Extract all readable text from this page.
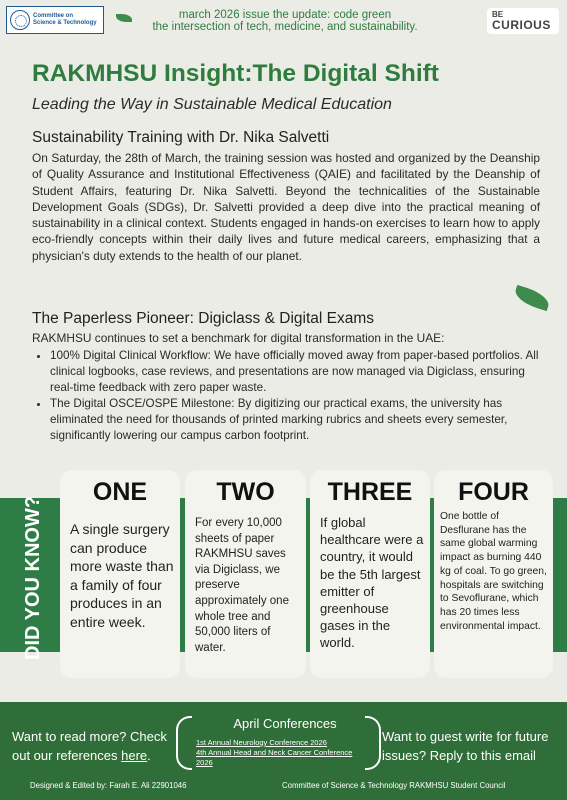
Committee on
Science & Technology
march 2026 issue the update: code green
the intersection of tech, medicine, and sustainability.
BE
CURIOUS
RAKMHSU Insight:The Digital Shift
Leading the Way in Sustainable Medical Education
Sustainability Training with Dr. Nika Salvetti
On Saturday, the 28th of March, the training session was hosted and organized by the Deanship of Quality Assurance and Institutional Effectiveness (QAIE) and facilitated by the Deanship of Student Affairs, featuring Dr. Nika Salvetti. Beyond the technicalities of the Sustainable Development Goals (SDGs), Dr. Salvetti provided a deep dive into the practical meaning of sustainability in a clinical context. Students engaged in hands-on exercises to learn how to apply eco-friendly concepts within their daily lives and future medical careers, emphasizing that a physician's duty extends to the health of our planet.
The Paperless Pioneer: Digiclass & Digital Exams
RAKMHSU continues to set a benchmark for digital transformation in the UAE:
• 100% Digital Clinical Workflow: We have officially moved away from paper-based portfolios. All clinical logbooks, case reviews, and presentations are now managed via Digiclass, ensuring real-time feedback with zero paper waste.
• The Digital OSCE/OSPE Milestone: By digitizing our practical exams, the university has eliminated the need for thousands of printed marking rubrics and sheets every semester, significantly lowering our campus carbon footprint.
DID YOU KNOW?
ONE
A single surgery can produce more waste than a family of four produces in an entire week.
TWO
For every 10,000 sheets of paper RAKMHSU saves via Digiclass, we preserve approximately one whole tree and 50,000 liters of water.
THREE
If global healthcare were a country, it would be the 5th largest emitter of greenhouse gases in the world.
FOUR
One bottle of Desflurane has the same global warming impact as burning 440 kg of coal. To go green, hospitals are switching to Sevoflurane, which has 20 times less environmental impact.
Want to read more? Check out our references here.
April Conferences
1st Annual Neurology Conference 2026
4th Annual Head and Neck Cancer Conference 2026
Want to guest write for future issues? Reply to this email
Designed & Edited by: Farah E. Ali 22901046	Committee of Science & Technology RAKMHSU Student Council
